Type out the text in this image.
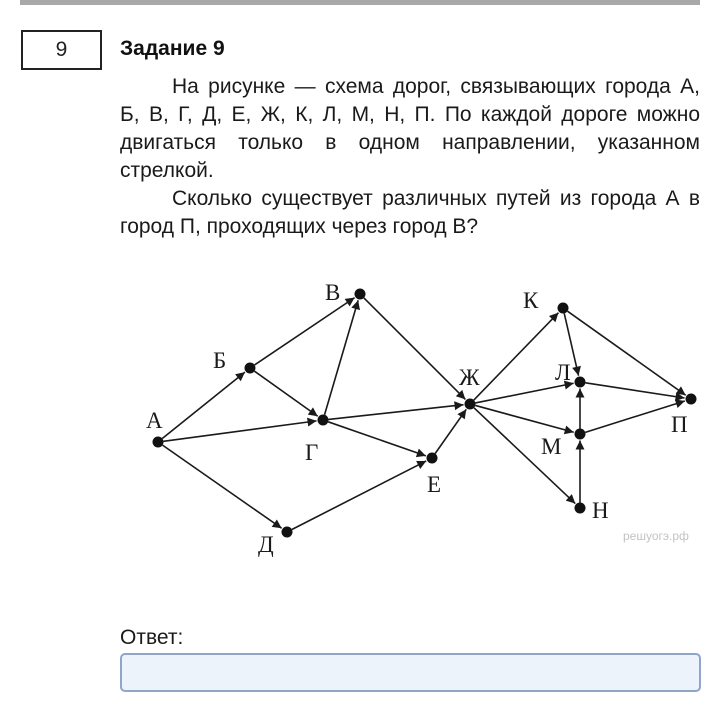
9	Задание 9

На рисунке — схема дорог, связывающих города А, Б, В, Г, Д, Е, Ж, К, Л, М, Н, П. По каждой дороге можно двигаться только в одном направлении, указанном стрелкой.

Сколько существует различных путей из города А в город П, проходящих через город В?

А
Б
В
Г
Д
Е
Ж
К
Л
М
Н
П
решуогэ.рф
Ответ:
